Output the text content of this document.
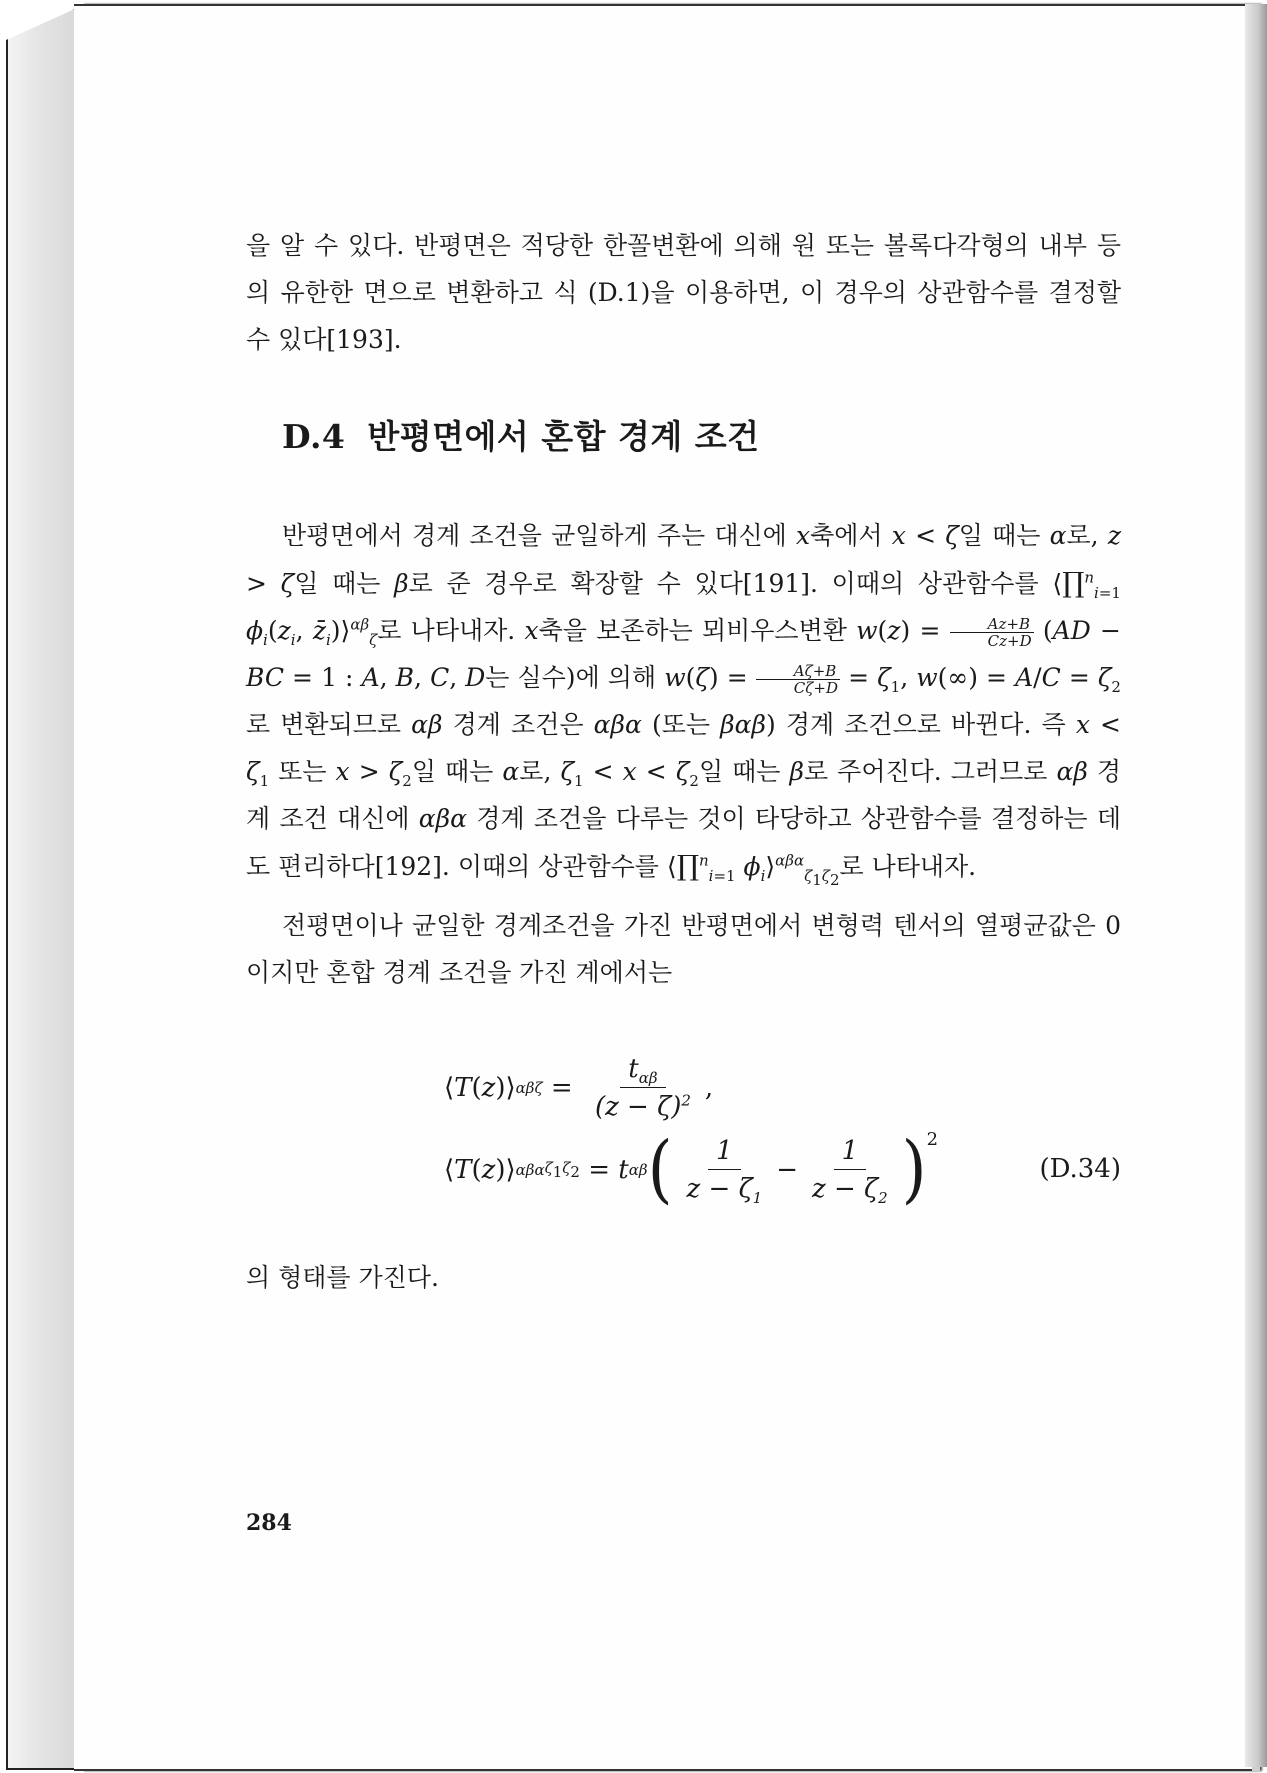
을 알 수 있다. 반평면은 적당한 한꼴변환에 의해 원 또는 볼록다각형의 내부 등의 유한한 면으로 변환하고 식 (D.1)을 이용하면, 이 경우의 상관함수를 결정할 수 있다[193].

D.4 반평면에서 혼합 경계 조건

반평면에서 경계 조건을 균일하게 주는 대신에 x축에서 x < ζ일 때는 α로, z > ζ일 때는 β로 준 경우로 확장할 수 있다[191]. 이때의 상관함수를 ⟨∏$^n_{i=1}$ $\phi_i(z_i$, $z̄_i)⟩^{\alpha\beta}_\zeta$로 나타내자. x축을 보존하는 뫼비우스변환 $w(z) = \frac{Az+B}{Cz+D} (AD$ − BC = 1 : A, B, C, D는 실수)에 의해 $w(\zeta) = \frac{A\zeta+B}{C\zeta+D} = \zeta_1$, $w(\infty) = A/C = \zeta_2$로 변환되므로 αβ 경계 조건은 αβα (또는 βαβ) 경계 조건으로 바뀐다. 즉 $x < \zeta_1$ 또는 $x > \zeta_2$일 때는 α로, $\zeta_1 < x < \zeta_2$일 때는 β로 주어진다. 그러므로 αβ 경계 조건 대신에 αβα 경계 조건을 다루는 것이 타당하고 상관함수를 결정하는 데도 편리하다[192]. 이때의 상관함수를 ⟨∏$^n_{i=1}$ $\phi_i⟩^{\alpha\beta\alpha}_{\zeta_1\zeta_2}$로 나타내자.

전평면이나 균일한 경계조건을 가진 반평면에서 변형력 텐서의 열평균값은 0이지만 혼합 경계 조건을 가진 계에서는

⟨ T ( z )⟩ αβ ζ =
$t_{\alpha\beta}$
$(z - \zeta)^2$ ,
⟨ T ( z )⟩ αβα $\zeta_1\zeta_2 = t$ αβ (	1
$z - \zeta_1$
−
1
$z - \zeta_2$ )$^2$
(D.34)

의 형태를 가진다.

284
